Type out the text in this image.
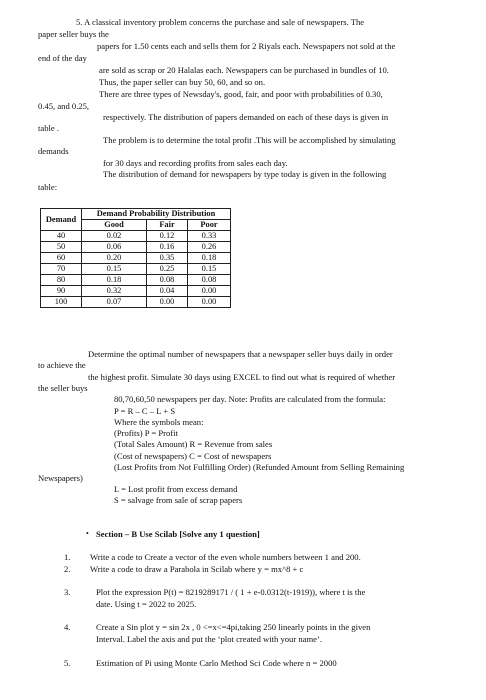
5. A classical inventory problem concerns the purchase and sale of newspapers. The
paper seller buys the
papers for 1.50 cents each and sells them for 2 Riyals each. Newspapers not sold at the
end of the day
are sold as scrap or 20 Halalas each. Newspapers can be purchased in bundles of 10.
Thus, the paper seller can buy 50, 60, and so on.
There are three types of Newsday's, good, fair, and poor with probabilities of 0.30,
0.45, and 0.25,
respectively. The distribution of papers demanded on each of these days is given in
table .
The problem is to determine the total profit .This will be accomplished by simulating
demands
for 30 days and recording profits from sales each day.
The distribution of demand for newspapers by type today is given in the following
table:
Demand	Demand Probability Distribution		
	Good	Fair	Poor
40	0.02	0.12	0.33
50	0.06	0.16	0.26
60	0.20	0.35	0.18
70	0.15	0.25	0.15
80	0.18	0.08	0.08
90	0.32	0.04	0.00
100	0.07	0.00	0.00
Determine the optimal number of newspapers that a newspaper seller buys daily in order
to achieve the
the highest profit. Simulate 30 days using EXCEL to find out what is required of whether
the seller buys
80,70,60,50 newspapers per day. Note: Profits are calculated from the formula:
P = R – C – L + S
Where the symbols mean:
(Profits) P = Profit
(Total Sales Amount) R = Revenue from sales
(Cost of newspapers) C = Cost of newspapers
(Lost Profits from Not Fulfilling Order) (Refunded Amount from Selling Remaining
Newspapers)
L = Lost profit from excess demand
S = salvage from sale of scrap papers
• Section – B Use Scilab [Solve any 1 question]
1. Write a code to Create a vector of the even whole numbers between 1 and 200.
2. Write a code to draw a Parabola in Scilab where y = mx^8 + c
3.	Plot the expression P(t) = 8219289171 / ( 1 + e-0.0312(t-1919)), where t is the
date. Using t = 2022 to 2025.
4.	Create a Sin plot y = sin 2x , 0 <=x<=4pi,taking 250 linearly points in the given
Interval. Label the axis and put the ‘plot created with your name’.
5.	Estimation of Pi using Monte Carlo Method Sci Code where n = 2000
